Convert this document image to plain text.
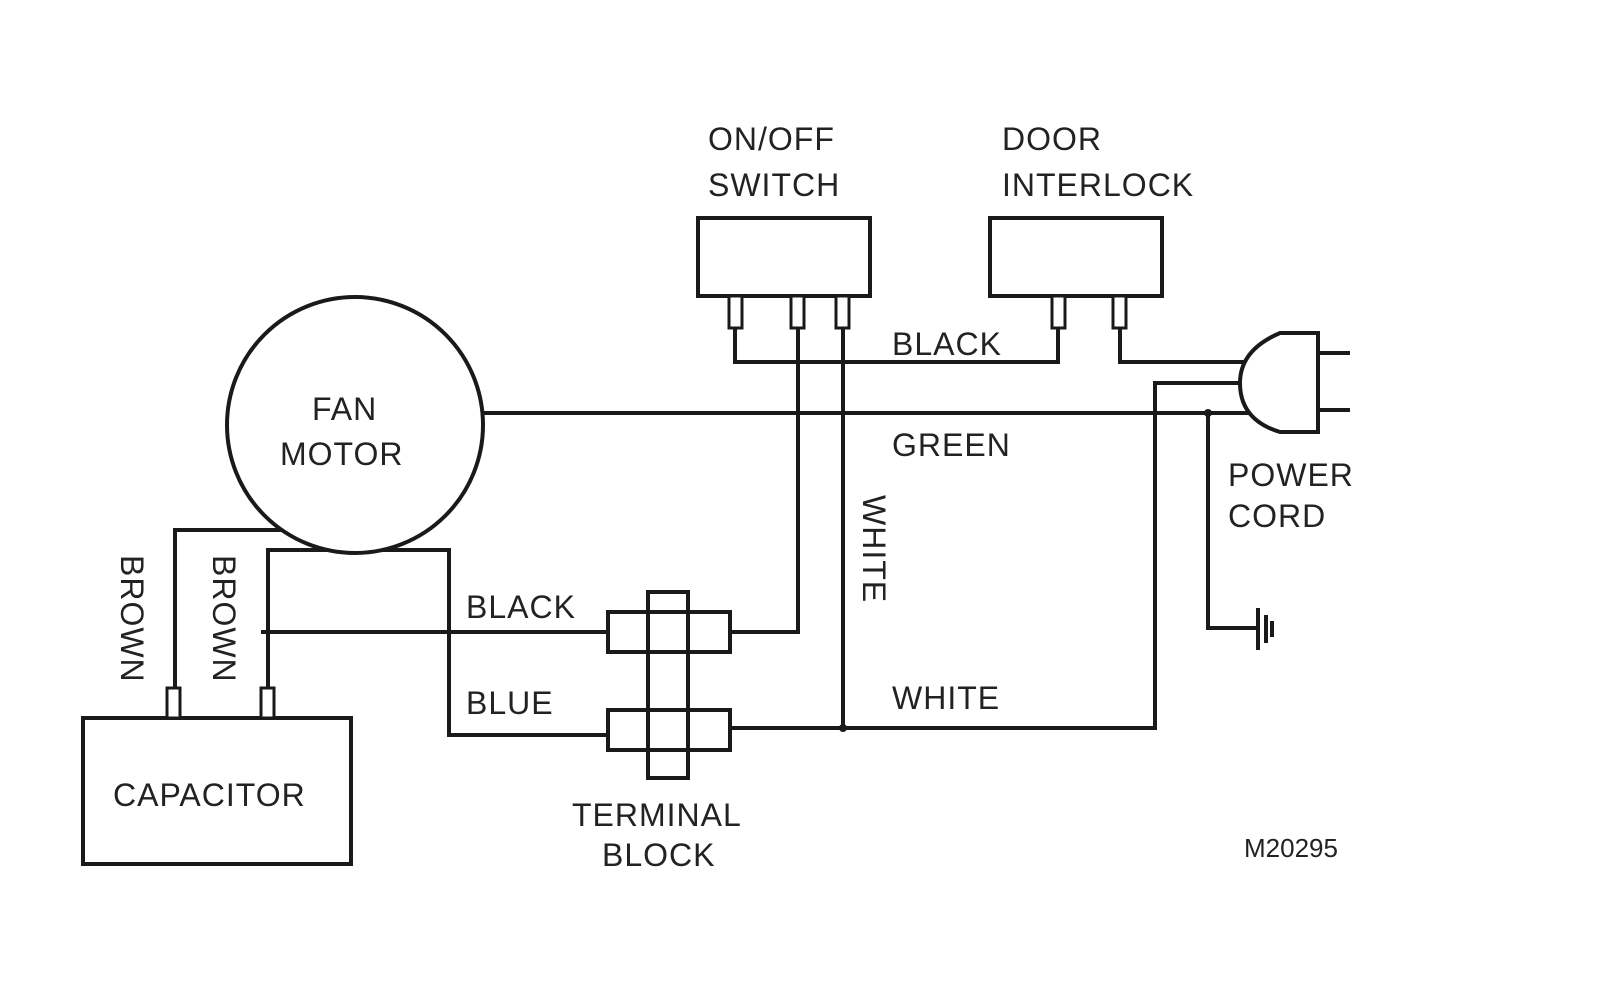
ON/OFF
SWITCH
DOOR
INTERLOCK
FAN
MOTOR
CAPACITOR
TERMINAL
BLOCK
POWER
CORD
BLACK
GREEN
BLACK
BLUE	WHITE
WHITE
BROWN BROWN
M20295
